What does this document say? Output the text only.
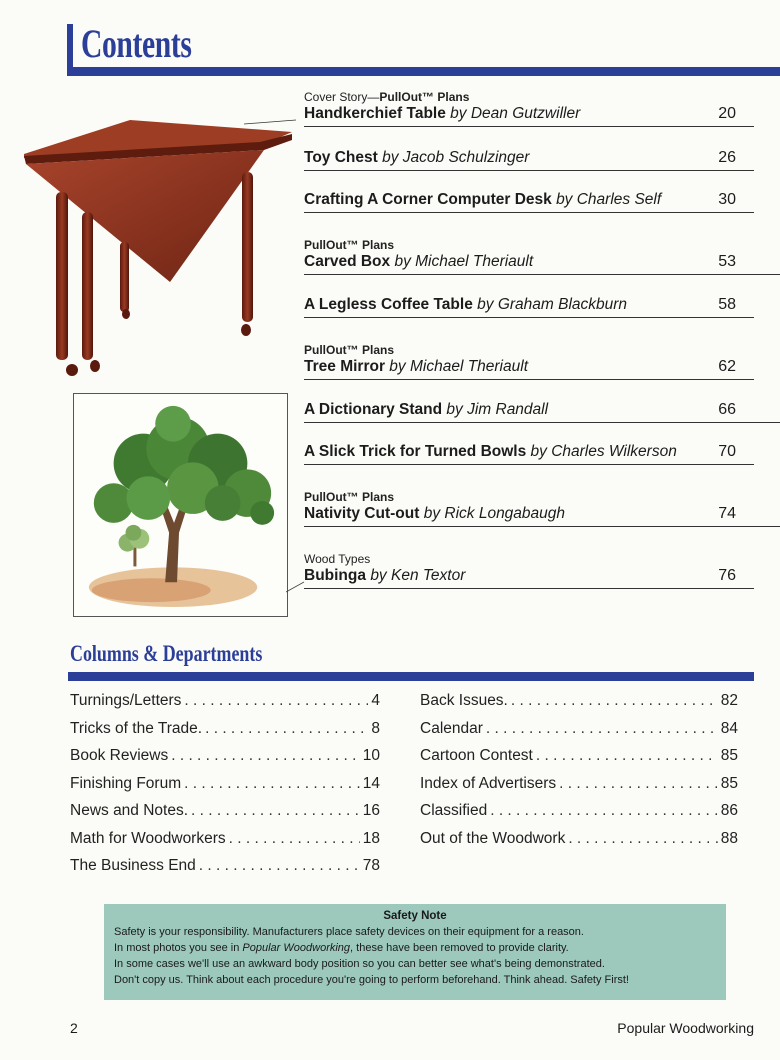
Contents
Cover Story—PullOut™ Plans
Handkerchief Table by Dean Gutzwiller	20
Toy Chest by Jacob Schulzinger	26
Crafting A Corner Computer Desk by Charles Self	30
PullOut™ Plans
Carved Box by Michael Theriault	53
A Legless Coffee Table by Graham Blackburn	58
PullOut™ Plans
Tree Mirror by Michael Theriault	62
A Dictionary Stand by Jim Randall	66
A Slick Trick for Turned Bowls by Charles Wilkerson	70
PullOut™ Plans
Nativity Cut-out by Rick Longabaugh	74
Wood Types
Bubinga by Ken Textor	76
Columns & Departments
Turnings/Letters . . .	4
Tricks of the Trade. . . .	8
Book Reviews . . .	10
Finishing Forum . . .	14
News and Notes. . . .	16
Math for Woodworkers . . .	18
The Business End . . .	78
Back Issues. . . .	82
Calendar . . .	84
Cartoon Contest . . .	85
Index of Advertisers . . .	85
Classified . . .	86
Out of the Woodwork . . .	88
Safety Note
Safety is your responsibility. Manufacturers place safety devices on their equipment for a reason.
In most photos you see in Popular Woodworking, these have been removed to provide clarity.
In some cases we'll use an awkward body position so you can better see what's being demonstrated.
Don't copy us. Think about each procedure you're going to perform beforehand. Think ahead. Safety First!
2	Popular Woodworking
